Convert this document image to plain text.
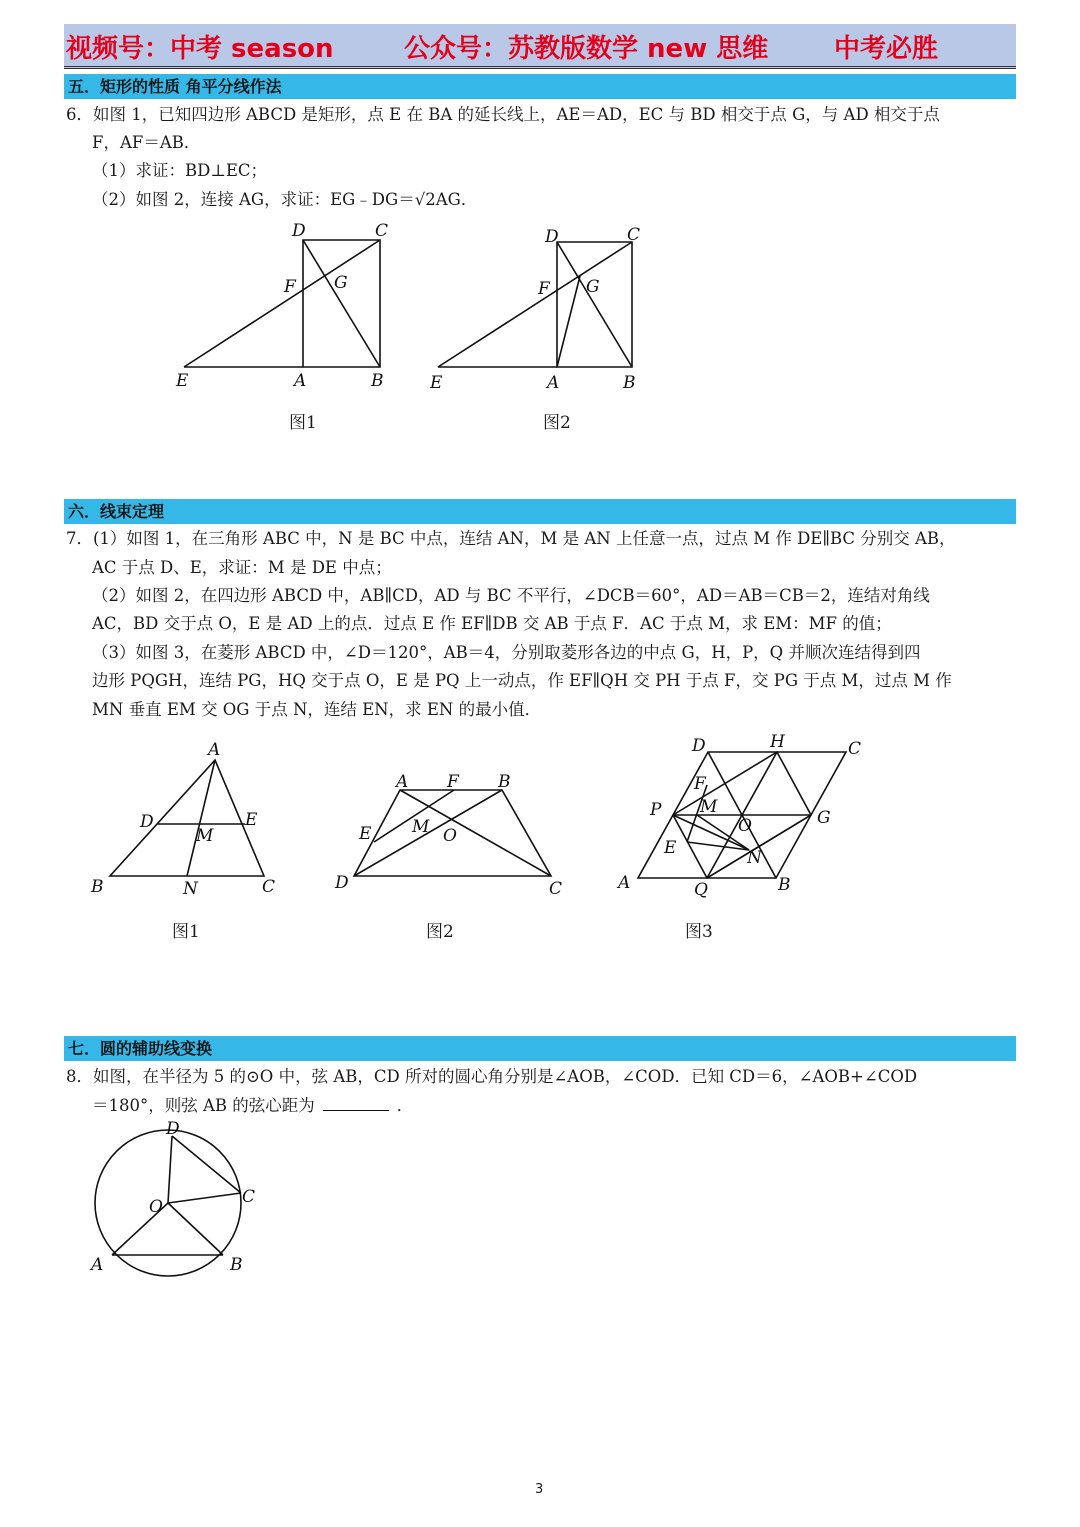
视频号：中考 season	公众号：苏教版数学 new 思维	中考必胜
五．矩形的性质 角平分线作法
6．如图 1，已知四边形 ABCD 是矩形，点 E 在 BA 的延长线上，AE＝AD，EC 与 BD 相交于点 G，与 AD 相交于点
F，AF＝AB．
（1）求证：BD⊥EC；
（2）如图 2，连接 AG，求证：EG﹣DG＝√2AG．
D	C
F G
E	A	B
图1
D	C
F G
E	A	B
图2
六．线束定理
7．(1）如图 1，在三角形 ABC 中，N 是 BC 中点，连结 AN，M 是 AN 上任意一点，过点 M 作 DE∥BC 分别交 AB，
AC 于点 D、E，求证：M 是 DE 中点；
（2）如图 2，在四边形 ABCD 中，AB∥CD，AD 与 BC 不平行，∠DCB＝60°，AD＝AB＝CB＝2，连结对角线
AC，BD 交于点 O，E 是 AD 上的点．过点 E 作 EF∥DB 交 AB 于点 F．AC 于点 M，求 EM：MF 的值；
（3）如图 3，在菱形 ABCD 中，∠D＝120°，AB＝4，分别取菱形各边的中点 G，H，P，Q 并顺次连结得到四
边形 PQGH，连结 PG，HQ 交于点 O，E 是 PQ 上一动点，作 EF∥QH 交 PH 于点 F，交 PG 于点 M，过点 M 作
MN 垂直 EM 交 OG 于点 N，连结 EN，求 EN 的最小值．
A
D	E
M
B	N	C
图1
A F B
E M O
D	C
图2
D	H	C
F
P M
O	G
E	N
A	Q	B
图3
七．圆的辅助线变换
8．如图，在半径为 5 的⊙O 中，弦 AB，CD 所对的圆心角分别是∠AOB，∠COD．已知 CD＝6，∠AOB+∠COD
＝180°，则弦 AB 的弦心距为	．
D
C
O
A	B
3
